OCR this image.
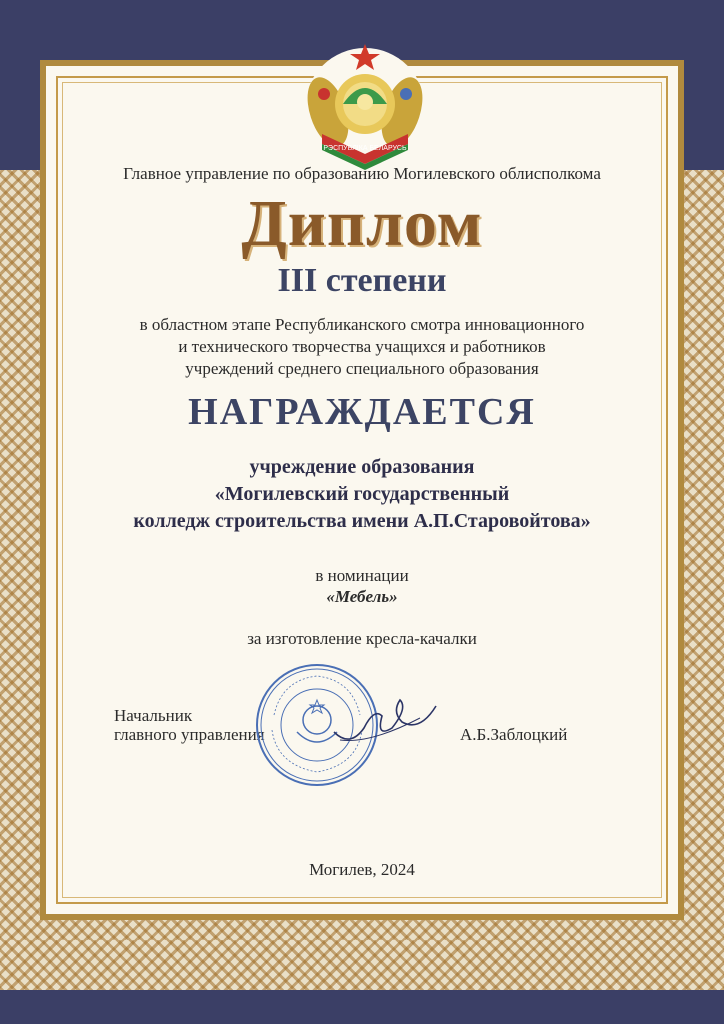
РЭСПУБЛІКА БЕЛАРУСЬ
Главное управление по образованию Могилевского облисполкома
Диплом
III степени
в областном этапе Республиканского смотра инновационного
и технического творчества учащихся и работников
учреждений среднего специального образования
НАГРАЖДАЕТСЯ
учреждение образования
«Могилевский государственный
колледж строительства имени А.П.Старовойтова»
в номинации
«Мебель»
за изготовление кресла-качалки
Начальник
главного управления	А.Б.Заблоцкий
Могилев, 2024
